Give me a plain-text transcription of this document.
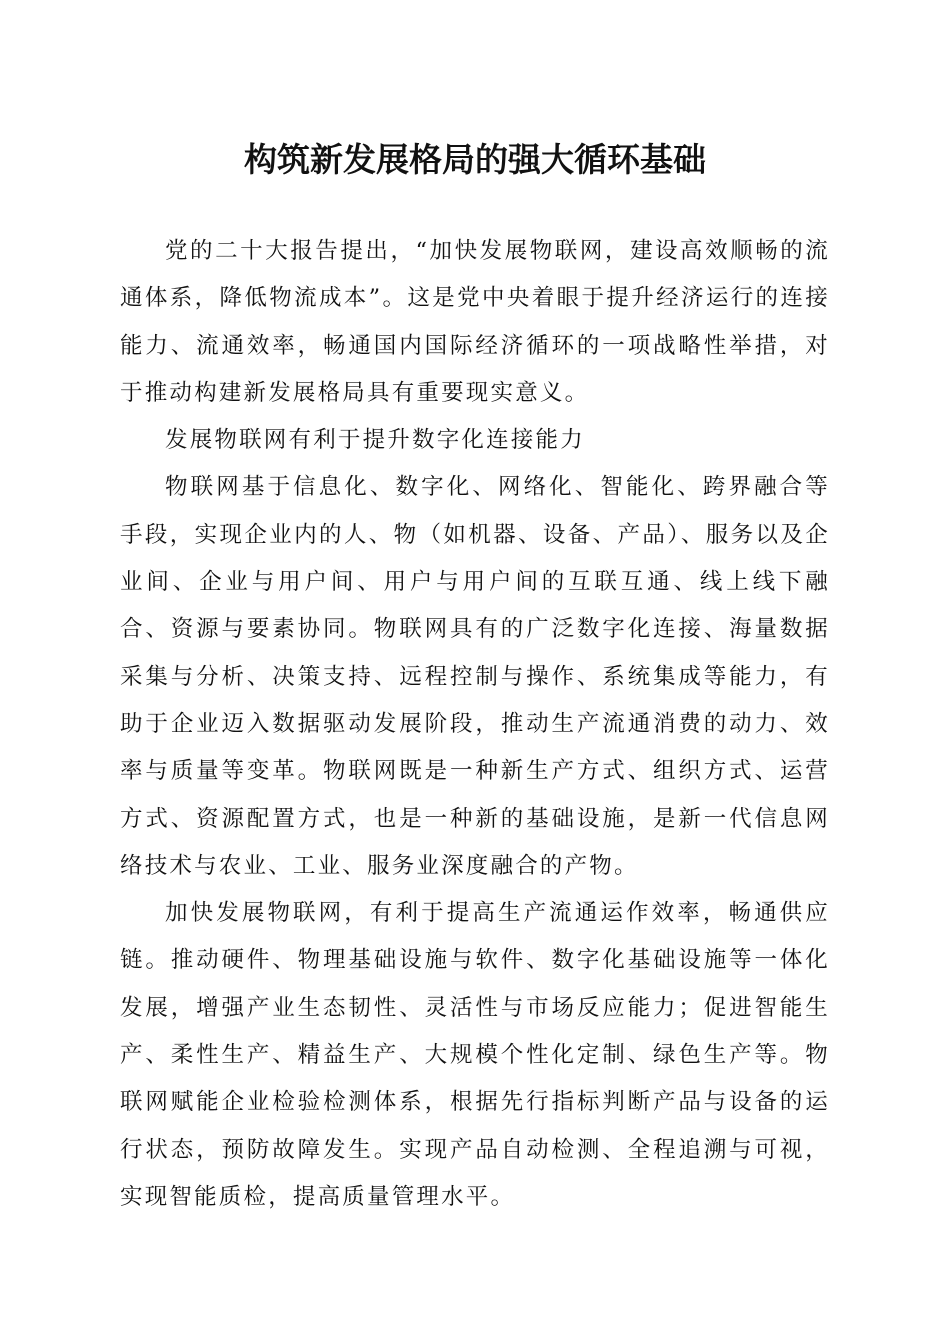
构筑新发展格局的强大循环基础

党的二十大报告提出，“加快发展物联网，建设高效顺畅的流通体系，降低物流成本”。这是党中央着眼于提升经济运行的连接能力、流通效率，畅通国内国际经济循环的一项战略性举措，对于推动构建新发展格局具有重要现实意义。

发展物联网有利于提升数字化连接能力

物联网基于信息化、数字化、网络化、智能化、跨界融合等手段，实现企业内的人、物（如机器、设备、产品）、服务以及企业间、企业与用户间、用户与用户间的互联互通、线上线下融合、资源与要素协同。物联网具有的广泛数字化连接、海量数据采集与分析、决策支持、远程控制与操作、系统集成等能力，有助于企业迈入数据驱动发展阶段，推动生产流通消费的动力、效率与质量等变革。物联网既是一种新生产方式、组织方式、运营方式、资源配置方式，也是一种新的基础设施，是新一代信息网络技术与农业、工业、服务业深度融合的产物。

加快发展物联网，有利于提高生产流通运作效率，畅通供应链。推动硬件、物理基础设施与软件、数字化基础设施等一体化发展，增强产业生态韧性、灵活性与市场反应能力；促进智能生产、柔性生产、精益生产、大规模个性化定制、绿色生产等。物联网赋能企业检验检测体系，根据先行指标判断产品与设备的运行状态，预防故障发生。实现产品自动检测、全程追溯与可视，实现智能质检，提高质量管理水平。
